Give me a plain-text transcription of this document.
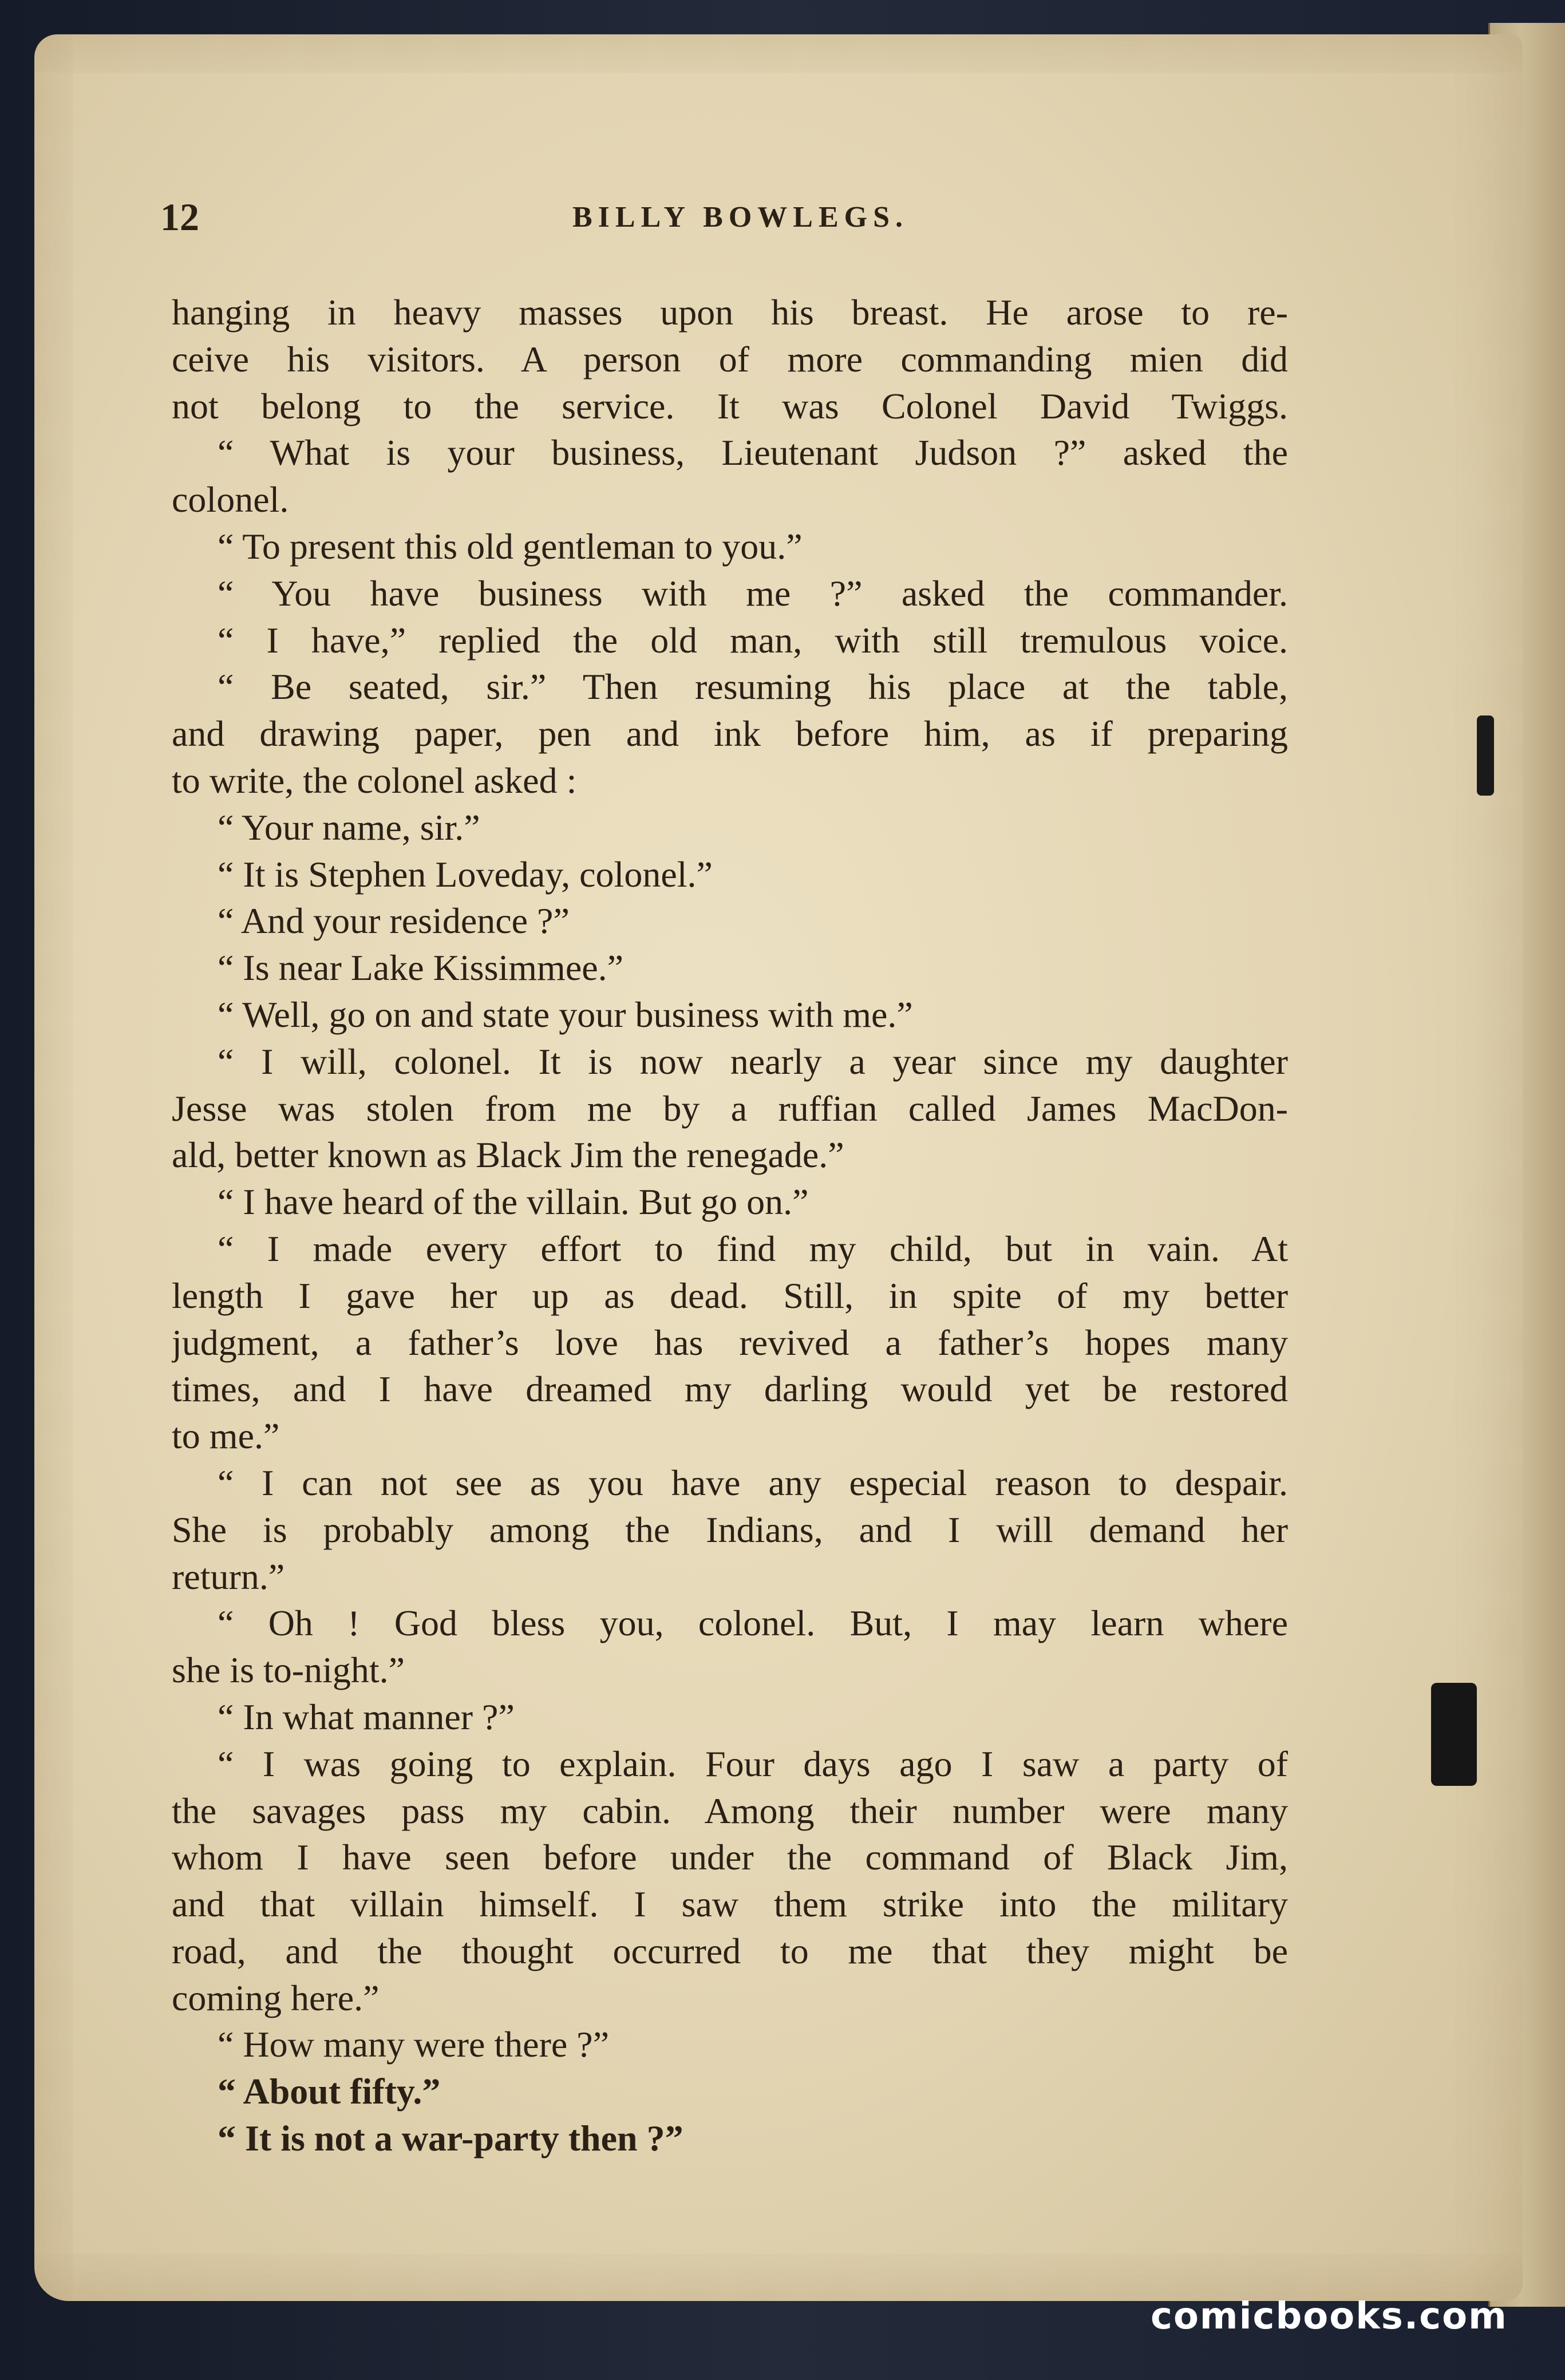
12	BILLY BOWLEGS.
hanging in heavy masses upon his breast. He arose to re-
ceive his visitors. A person of more commanding mien did
not belong to the service. It was Colonel David Twiggs.
“ What is your business, Lieutenant Judson ?” asked the
colonel.
“ To present this old gentleman to you.”
“ You have business with me ?” asked the commander.
“ I have,” replied the old man, with still tremulous voice.
“ Be seated, sir.” Then resuming his place at the table,
and drawing paper, pen and ink before him, as if preparing
to write, the colonel asked :
“ Your name, sir.”
“ It is Stephen Loveday, colonel.”
“ And your residence ?”
“ Is near Lake Kissimmee.”
“ Well, go on and state your business with me.”
“ I will, colonel. It is now nearly a year since my daughter
Jesse was stolen from me by a ruffian called James MacDon-
ald, better known as Black Jim the renegade.”
“ I have heard of the villain. But go on.”
“ I made every effort to find my child, but in vain. At
length I gave her up as dead. Still, in spite of my better
judgment, a father’s love has revived a father’s hopes many
times, and I have dreamed my darling would yet be restored
to me.”
“ I can not see as you have any especial reason to despair.
She is probably among the Indians, and I will demand her
return.”
“ Oh ! God bless you, colonel. But, I may learn where
she is to-night.”
“ In what manner ?”
“ I was going to explain. Four days ago I saw a party of
the savages pass my cabin. Among their number were many
whom I have seen before under the command of Black Jim,
and that villain himself. I saw them strike into the military
road, and the thought occurred to me that they might be
coming here.”
“ How many were there ?”
“ About fifty.”
“ It is not a war-party then ?”
comicbooks.com
